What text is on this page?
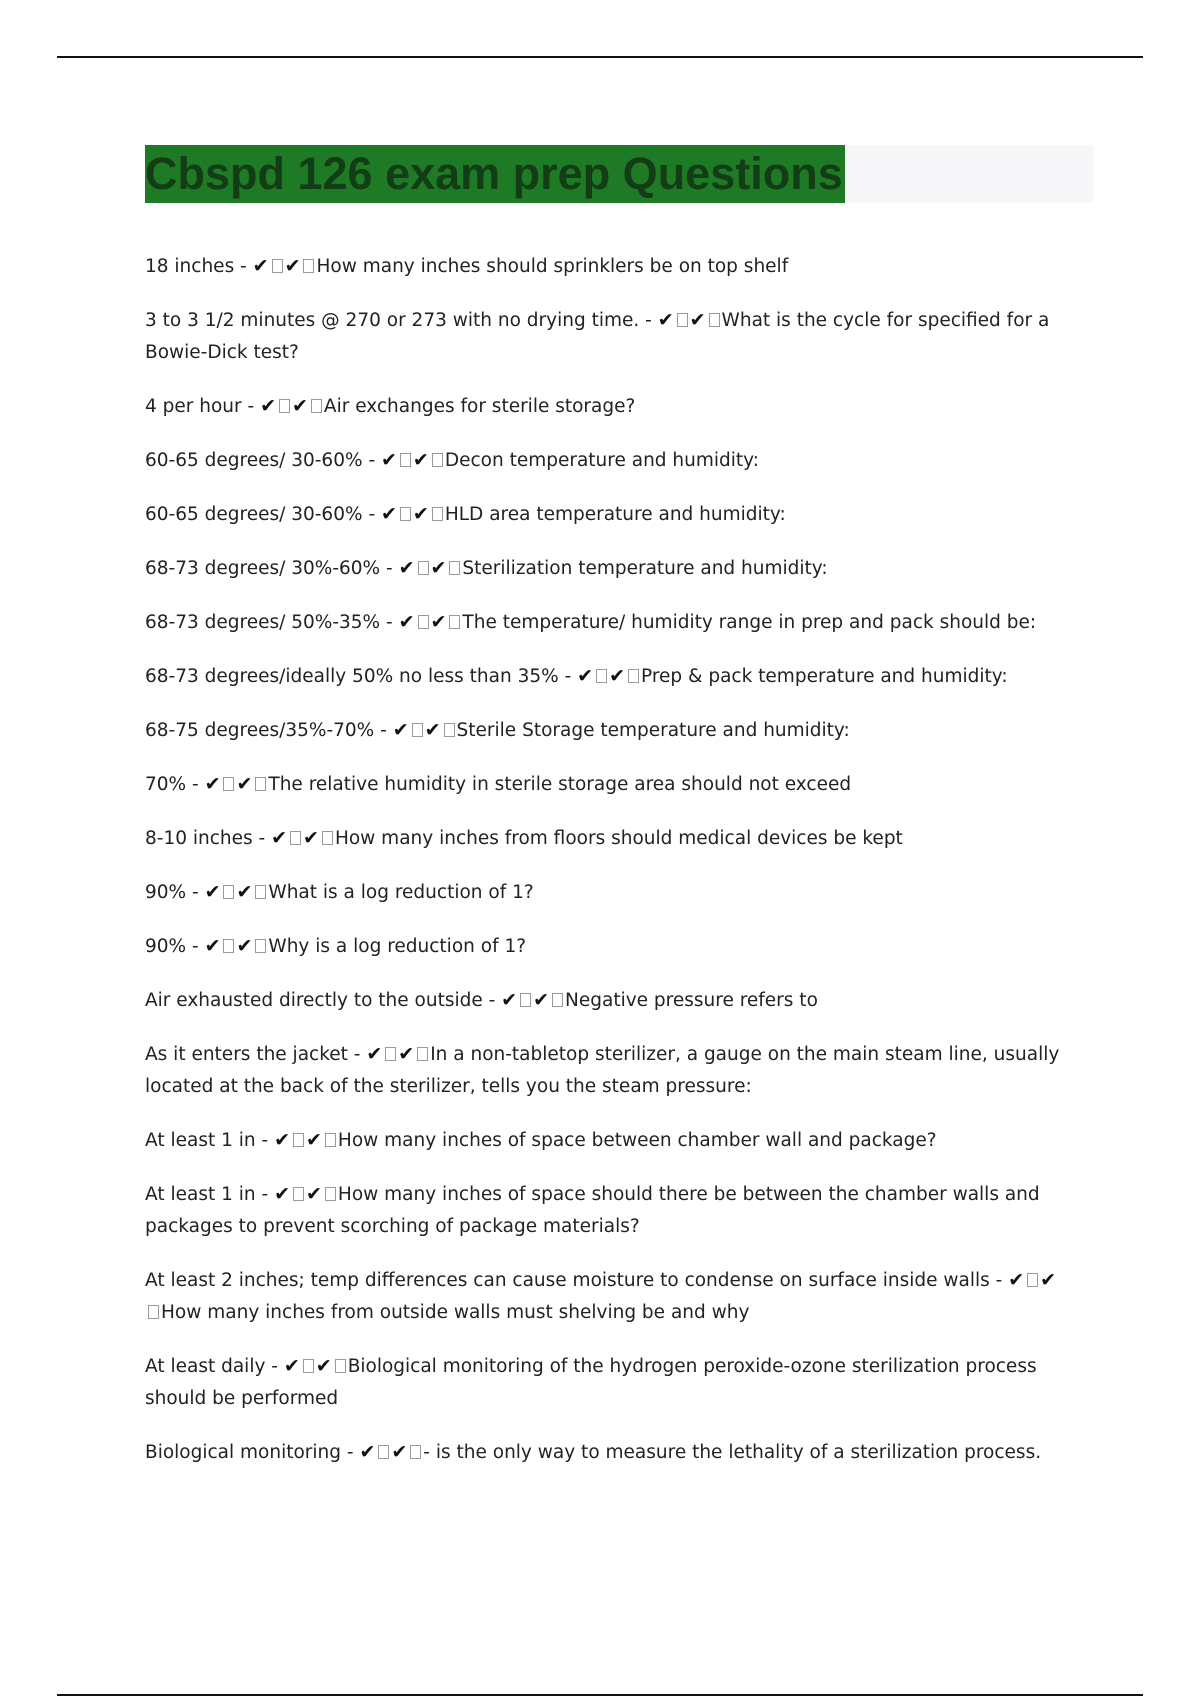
Cbspd 126 exam prep Questions
18 inches - ✔ ✔ How many inches should sprinklers be on top shelf
3 to 3 1/2 minutes @ 270 or 273 with no drying time. - ✔ ✔ What is the cycle for specified for a Bowie-Dick test?
4 per hour - ✔ ✔ Air exchanges for sterile storage?
60-65 degrees/ 30-60% - ✔ ✔ Decon temperature and humidity:
60-65 degrees/ 30-60% - ✔ ✔ HLD area temperature and humidity:
68-73 degrees/ 30%-60% - ✔ ✔ Sterilization temperature and humidity:
68-73 degrees/ 50%-35% - ✔ ✔ The temperature/ humidity range in prep and pack should be:
68-73 degrees/ideally 50% no less than 35% - ✔ ✔ Prep & pack temperature and humidity:
68-75 degrees/35%-70% - ✔ ✔ Sterile Storage temperature and humidity:
70% - ✔ ✔ The relative humidity in sterile storage area should not exceed
8-10 inches - ✔ ✔ How many inches from floors should medical devices be kept
90% - ✔ ✔ What is a log reduction of 1?
90% - ✔ ✔ Why is a log reduction of 1?
Air exhausted directly to the outside - ✔ ✔ Negative pressure refers to
As it enters the jacket - ✔ ✔ In a non-tabletop sterilizer, a gauge on the main steam line, usually located at the back of the sterilizer, tells you the steam pressure:
At least 1 in - ✔ ✔ How many inches of space between chamber wall and package?
At least 1 in - ✔ ✔ How many inches of space should there be between the chamber walls and packages to prevent scorching of package materials?
At least 2 inches; temp differences can cause moisture to condense on surface inside walls - ✔ ✔How many inches from outside walls must shelving be and why
At least daily - ✔ ✔ Biological monitoring of the hydrogen peroxide-ozone sterilization process should be performed
Biological monitoring - ✔ ✔ - is the only way to measure the lethality of a sterilization process.
